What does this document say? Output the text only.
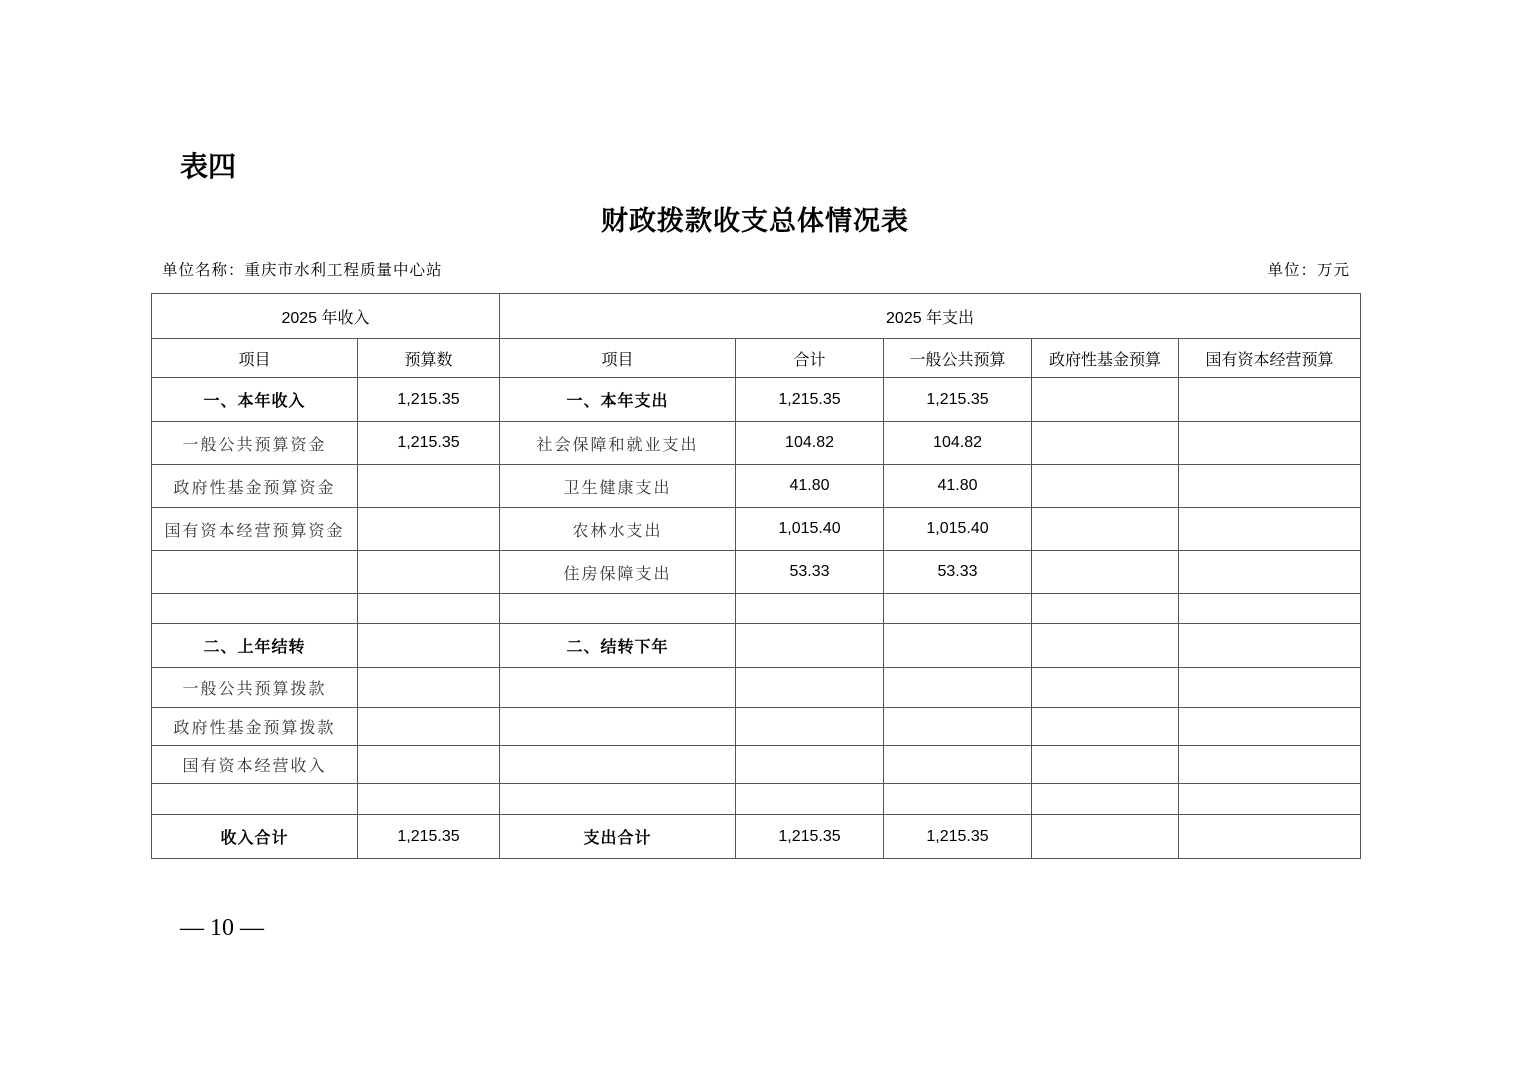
表四
财政拨款收支总体情况表
单位名称：重庆市水利工程质量中心站	单位：万元
2025 年收入		2025 年支出				
项目	预算数	项目	合计	一般公共预算	政府性基金预算	国有资本经营预算
一、本年收入	1,215.35	一、本年支出	1,215.35	1,215.35		
一般公共预算资金	1,215.35	社会保障和就业支出	104.82	104.82		
政府性基金预算资金		卫生健康支出	41.80	41.80		
国有资本经营预算资金		农林水支出	1,015.40	1,015.40		
		住房保障支出	53.33	53.33		

二、上年结转		二、结转下年				
一般公共预算拨款						
政府性基金预算拨款						
国有资本经营收入						

收入合计	1,215.35	支出合计	1,215.35	1,215.35		
— 10 —
